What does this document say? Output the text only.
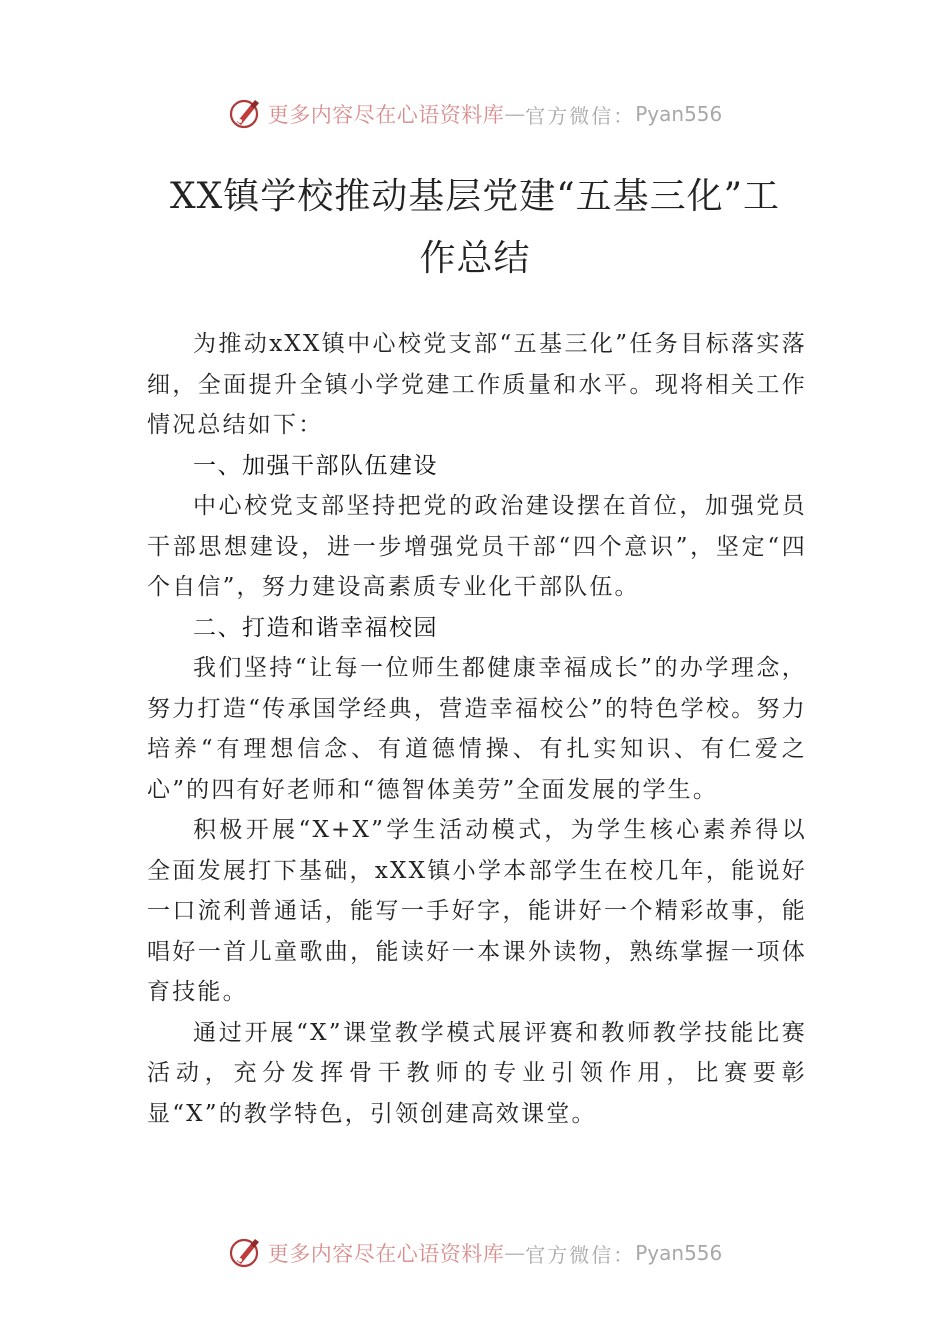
更多内容尽在心语资料库 — 官方微信： Pyan556
XX镇学校推动基层党建“五基三化”工
作总结

为推动xXX镇中心校党支部“五基三化”任务目标落实落细，全面提升全镇小学党建工作质量和水平。现将相关工作情况总结如下：

一、加强干部队伍建设

中心校党支部坚持把党的政治建设摆在首位，加强党员干部思想建设，进一步增强党员干部“四个意识”，坚定“四个自信”，努力建设高素质专业化干部队伍。

二、打造和谐幸福校园

我们坚持“让每一位师生都健康幸福成长”的办学理念，努力打造“传承国学经典，营造幸福校公”的特色学校。努力培养“有理想信念、有道德情操、有扎实知识、有仁爱之心”的四有好老师和“德智体美劳”全面发展的学生。

积极开展“X+X”学生活动模式，为学生核心素养得以全面发展打下基础，xXX镇小学本部学生在校几年，能说好一口流利普通话，能写一手好字，能讲好一个精彩故事，能唱好一首儿童歌曲，能读好一本课外读物，熟练掌握一项体育技能。

通过开展“X”课堂教学模式展评赛和教师教学技能比赛活动，充分发挥骨干教师的专业引领作用，比赛要彰显“X”的教学特色，引领创建高效课堂。

更多内容尽在心语资料库 — 官方微信： Pyan556
